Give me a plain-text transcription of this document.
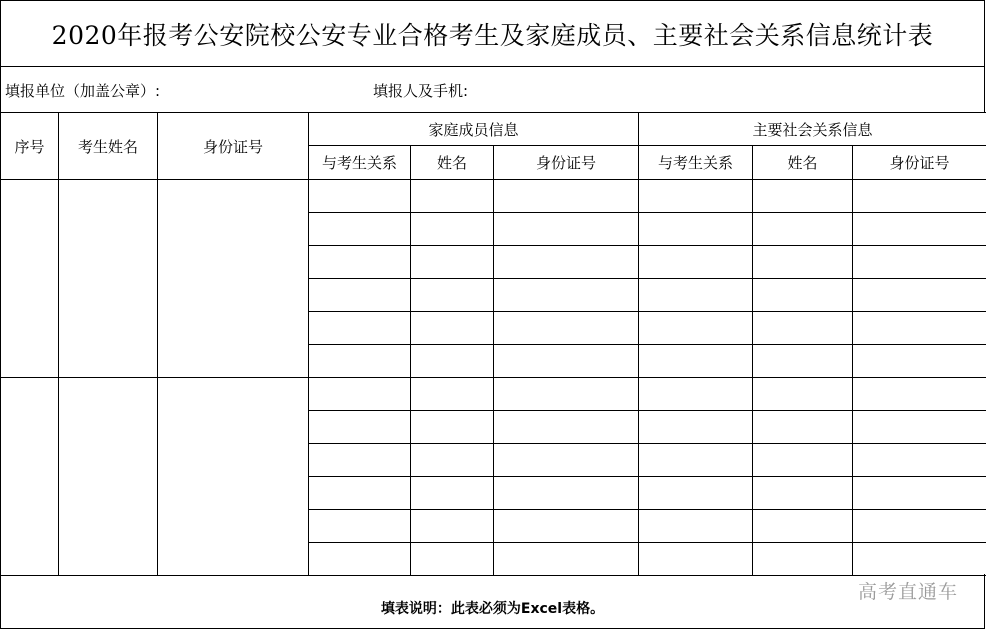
2020年报考公安院校公安专业合格考生及家庭成员、主要社会关系信息统计表
填报单位（加盖公章）:	填报人及手机:
序号	考生姓名	身份证号	家庭成员信息			主要社会关系信息		
			与考生关系	姓名	身份证号	与考生关系	姓名	身份证号

填表说明：此表必须为Excel表格。
高考直通车
